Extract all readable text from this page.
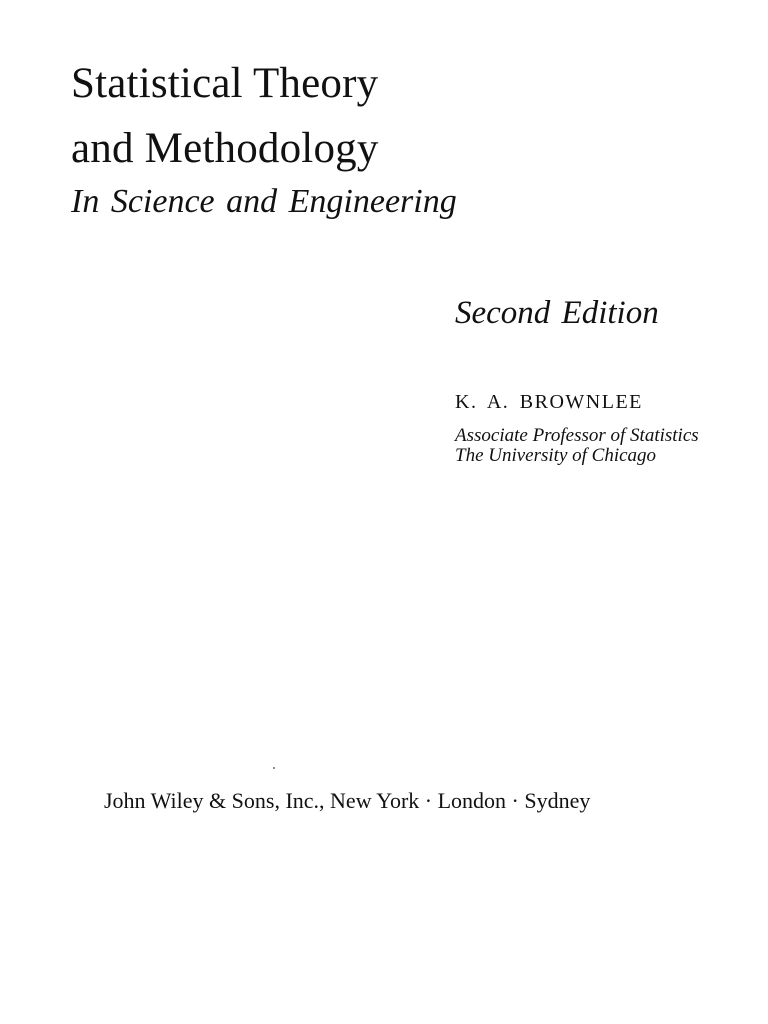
Statistical Theory
and Methodology
In Science and Engineering
Second Edition
K. A. BROWNLEE
Associate Professor of Statistics
The University of Chicago
John Wiley & Sons, Inc., New York · London · Sydney
